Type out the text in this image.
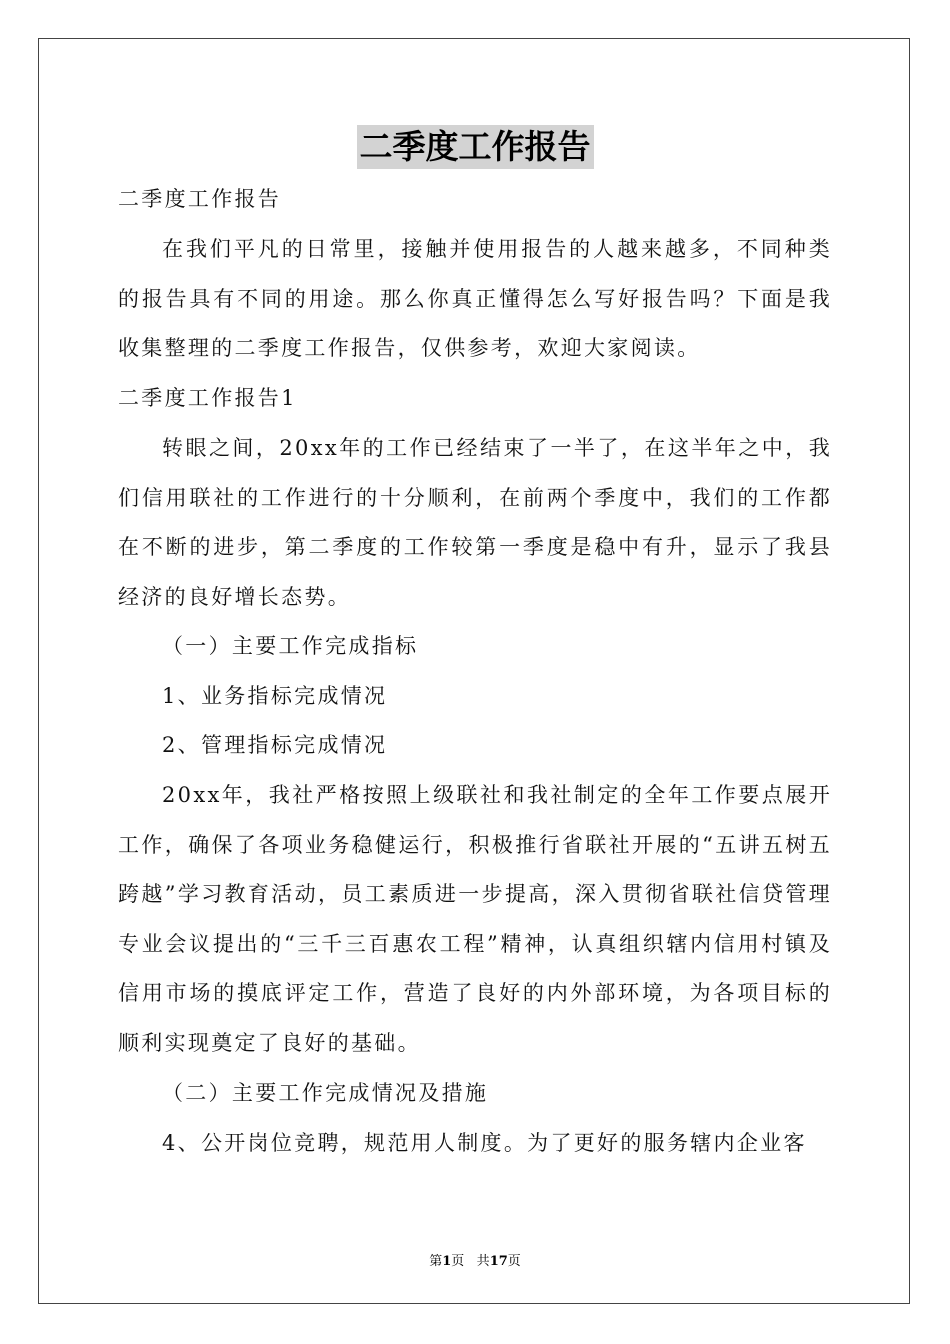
二季度工作报告

二季度工作报告

在我们平凡的日常里，接触并使用报告的人越来越多，不同种类的报告具有不同的用途。那么你真正懂得怎么写好报告吗？下面是我收集整理的二季度工作报告，仅供参考，欢迎大家阅读。

二季度工作报告1

转眼之间，20xx年的工作已经结束了一半了，在这半年之中，我们信用联社的工作进行的十分顺利，在前两个季度中，我们的工作都在不断的进步，第二季度的工作较第一季度是稳中有升，显示了我县经济的良好增长态势。

（一）主要工作完成指标

1、业务指标完成情况

2、管理指标完成情况

20xx年，我社严格按照上级联社和我社制定的全年工作要点展开工作，确保了各项业务稳健运行，积极推行省联社开展的“五讲五树五跨越”学习教育活动，员工素质进一步提高，深入贯彻省联社信贷管理专业会议提出的“三千三百惠农工程”精神，认真组织辖内信用村镇及信用市场的摸底评定工作，营造了良好的内外部环境，为各项目标的顺利实现奠定了良好的基础。

（二）主要工作完成情况及措施

4、公开岗位竞聘，规范用人制度。为了更好的服务辖内企业客

第1页 共17页
